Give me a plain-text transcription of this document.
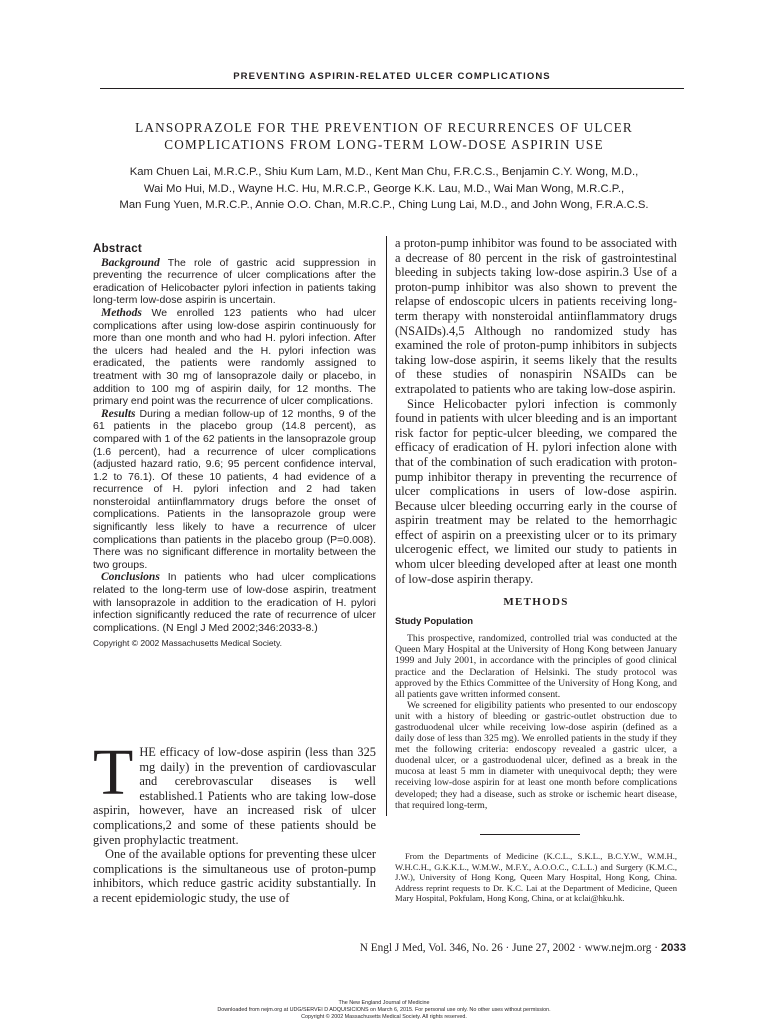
PREVENTING ASPIRIN-RELATED ULCER COMPLICATIONS
LANSOPRAZOLE FOR THE PREVENTION OF RECURRENCES OF ULCER
COMPLICATIONS FROM LONG-TERM LOW-DOSE ASPIRIN USE
Kam Chuen Lai, M.R.C.P., Shiu Kum Lam, M.D., Kent Man Chu, F.R.C.S., Benjamin C.Y. Wong, M.D.,
Wai Mo Hui, M.D., Wayne H.C. Hu, M.R.C.P., George K.K. Lau, M.D., Wai Man Wong, M.R.C.P.,
Man Fung Yuen, M.R.C.P., Annie O.O. Chan, M.R.C.P., Ching Lung Lai, M.D., and John Wong, F.R.A.C.S.
Abstract

Background The role of gastric acid suppression in preventing the recurrence of ulcer complications after the eradication of Helicobacter pylori infection in patients taking long-term low-dose aspirin is uncertain.

Methods We enrolled 123 patients who had ulcer complications after using low-dose aspirin continuously for more than one month and who had H. pylori infection. After the ulcers had healed and the H. pylori infection was eradicated, the patients were randomly assigned to treatment with 30 mg of lansoprazole daily or placebo, in addition to 100 mg of aspirin daily, for 12 months. The primary end point was the recurrence of ulcer complications.

Results During a median follow-up of 12 months, 9 of the 61 patients in the placebo group (14.8 percent), as compared with 1 of the 62 patients in the lansoprazole group (1.6 percent), had a recurrence of ulcer complications (adjusted hazard ratio, 9.6; 95 percent confidence interval, 1.2 to 76.1). Of these 10 patients, 4 had evidence of a recurrence of H. pylori infection and 2 had taken nonsteroidal antiinflammatory drugs before the onset of complications. Patients in the lansoprazole group were significantly less likely to have a recurrence of ulcer complications than patients in the placebo group (P=0.008). There was no significant difference in mortality between the two groups.

Conclusions In patients who had ulcer complications related to the long-term use of low-dose aspirin, treatment with lansoprazole in addition to the eradication of H. pylori infection significantly reduced the rate of recurrence of ulcer complications. (N Engl J Med 2002;346:2033-8.)

Copyright © 2002 Massachusetts Medical Society.

THE efficacy of low-dose aspirin (less than 325 mg daily) in the prevention of cardiovascular and cerebrovascular diseases is well established.1 Patients who are taking low-dose aspirin, however, have an increased risk of ulcer complications,2 and some of these patients should be given prophylactic treatment.

One of the available options for preventing these ulcer complications is the simultaneous use of proton-pump inhibitors, which reduce gastric acidity substantially. In a recent epidemiologic study, the use of

a proton-pump inhibitor was found to be associated with a decrease of 80 percent in the risk of gastrointestinal bleeding in subjects taking low-dose aspirin.3 Use of a proton-pump inhibitor was also shown to prevent the relapse of endoscopic ulcers in patients receiving long-term therapy with nonsteroidal antiinflammatory drugs (NSAIDs).4,5 Although no randomized study has examined the role of proton-pump inhibitors in subjects taking low-dose aspirin, it seems likely that the results of these studies of nonaspirin NSAIDs can be extrapolated to patients who are taking low-dose aspirin.

Since Helicobacter pylori infection is commonly found in patients with ulcer bleeding and is an important risk factor for peptic-ulcer bleeding, we compared the efficacy of eradication of H. pylori infection alone with that of the combination of such eradication with proton-pump inhibitor therapy in preventing the recurrence of ulcer complications in users of low-dose aspirin. Because ulcer bleeding occurring early in the course of aspirin treatment may be related to the hemorrhagic effect of aspirin on a preexisting ulcer or to its primary ulcerogenic effect, we limited our study to patients in whom ulcer bleeding developed after at least one month of low-dose aspirin therapy.

METHODS
Study Population

This prospective, randomized, controlled trial was conducted at the Queen Mary Hospital at the University of Hong Kong between January 1999 and July 2001, in accordance with the principles of good clinical practice and the Declaration of Helsinki. The study protocol was approved by the Ethics Committee of the University of Hong Kong, and all patients gave written informed consent.

We screened for eligibility patients who presented to our endoscopy unit with a history of bleeding or gastric-outlet obstruction due to gastroduodenal ulcer while receiving low-dose aspirin (defined as a daily dose of less than 325 mg). We enrolled patients in the study if they met the following criteria: endoscopy revealed a gastric ulcer, a duodenal ulcer, or a gastroduodenal ulcer, defined as a break in the mucosa at least 5 mm in diameter with unequivocal depth; they were receiving low-dose aspirin for at least one month before complications developed; they had a disease, such as stroke or ischemic heart disease, that required long-term,

From the Departments of Medicine (K.C.L., S.K.L., B.C.Y.W., W.M.H., W.H.C.H., G.K.K.L., W.M.W., M.F.Y., A.O.O.C., C.L.L.) and Surgery (K.M.C., J.W.), University of Hong Kong, Queen Mary Hospital, Hong Kong, China. Address reprint requests to Dr. K.C. Lai at the Department of Medicine, Queen Mary Hospital, Pokfulam, Hong Kong, China, or at kclai@hku.hk.
N Engl J Med, Vol. 346, No. 26 · June 27, 2002 · www.nejm.org · 2033
The New England Journal of Medicine
Downloaded from nejm.org at UDG/SERVEI D ADQUISICIONS on March 6, 2015. For personal use only. No other uses without permission.
Copyright © 2002 Massachusetts Medical Society. All rights reserved.
